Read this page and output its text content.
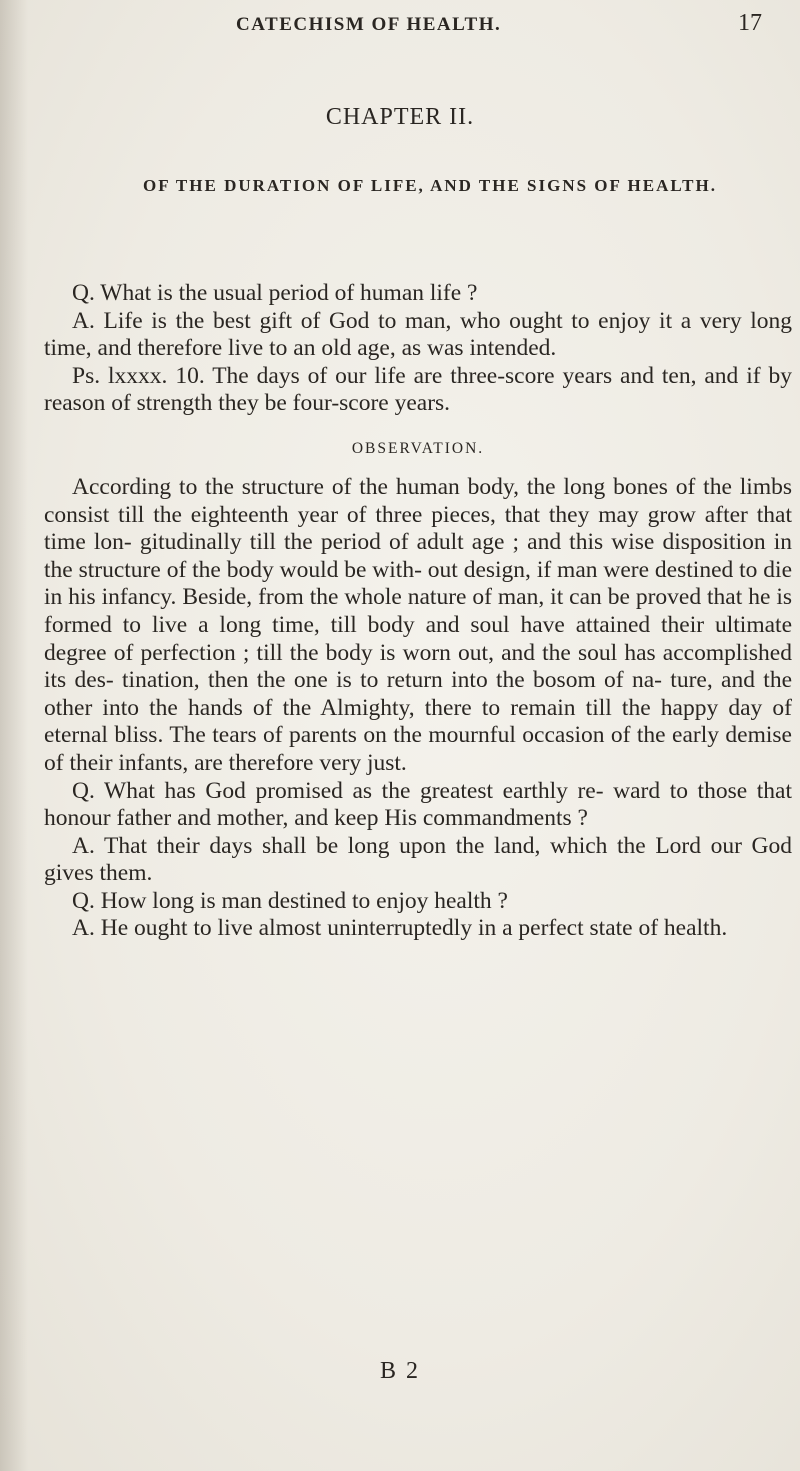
CATECHISM OF HEALTH.	17
CHAPTER II.
OF THE DURATION OF LIFE, AND THE SIGNS OF HEALTH.

Q. What is the usual period of human life ?

A. Life is the best gift of God to man, who ought to enjoy it a very long time, and therefore live to an old age, as was intended.

Ps. lxxxx. 10. The days of our life are three-score years and ten, and if by reason of strength they be four-score years.

OBSERVATION.

According to the structure of the human body, the long bones of the limbs consist till the eighteenth year of three pieces, that they may grow after that time lon- gitudinally till the period of adult age ; and this wise disposition in the structure of the body would be with- out design, if man were destined to die in his infancy. Beside, from the whole nature of man, it can be proved that he is formed to live a long time, till body and soul have attained their ultimate degree of perfection ; till the body is worn out, and the soul has accomplished its des- tination, then the one is to return into the bosom of na- ture, and the other into the hands of the Almighty, there to remain till the happy day of eternal bliss. The tears of parents on the mournful occasion of the early demise of their infants, are therefore very just.

Q. What has God promised as the greatest earthly re- ward to those that honour father and mother, and keep His commandments ?

A. That their days shall be long upon the land, which the Lord our God gives them.

Q. How long is man destined to enjoy health ?

A. He ought to live almost uninterruptedly in a perfect state of health.

B 2
